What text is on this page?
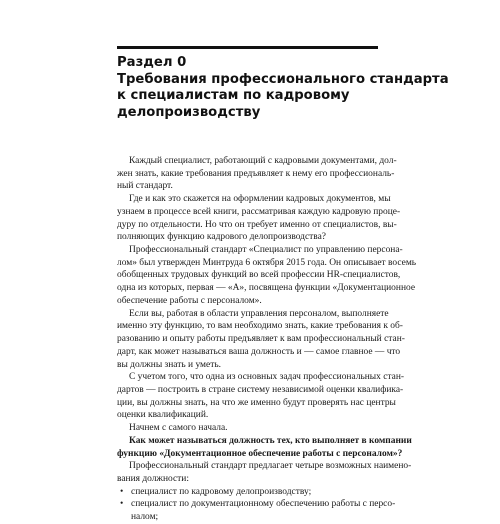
Раздел 0
Требования профессионального стандарта
к специалистам по кадровому
делопроизводству
Каждый специалист, работающий с кадровыми документами, дол-
жен знать, какие требования предъявляет к нему его профессиональ-
ный стандарт.
Где и как это скажется на оформлении кадровых документов, мы
узнаем в процессе всей книги, рассматривая каждую кадровую проце-
дуру по отдельности. Но что он требует именно от специалистов, вы-
полняющих функцию кадрового делопроизводства?
Профессиональный стандарт «Специалист по управлению персона-
лом» был утвержден Минтруда 6 октября 2015 года. Он описывает восемь
обобщенных трудовых функций во всей профессии HR-специалистов,
одна из которых, первая — «A», посвящена функции «Документационное
обеспечение работы с персоналом».
Если вы, работая в области управления персоналом, выполняете
именно эту функцию, то вам необходимо знать, какие требования к об-
разованию и опыту работы предъявляет к вам профессиональный стан-
дарт, как может называться ваша должность и — самое главное — что
вы должны знать и уметь.
С учетом того, что одна из основных задач профессиональных стан-
дартов — построить в стране систему независимой оценки квалифика-
ции, вы должны знать, на что же именно будут проверять нас центры
оценки квалификаций.
Начнем с самого начала.
Как может называться должность тех, кто выполняет в компании
функцию «Документационное обеспечение работы с персоналом»?
Профессиональный стандарт предлагает четыре возможных наимено-
вания должности:
• специалист по кадровому делопроизводству;
• специалист по документационному обеспечению работы с персо-
налом;
